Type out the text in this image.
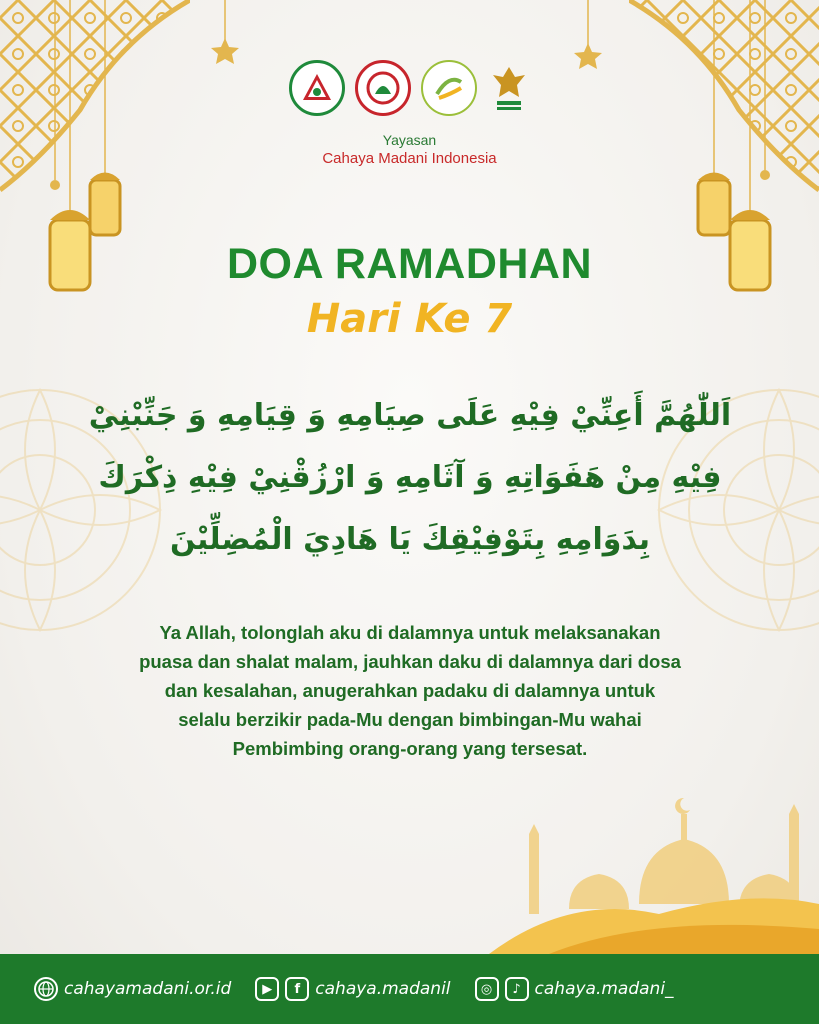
Yayasan
Cahaya Madani Indonesia
DOA RAMADHAN
Hari Ke 7
اَللّٰهُمَّ أَعِنِّيْ فِيْهِ عَلَى صِيَامِهِ وَ قِيَامِهِ وَ جَنِّبْنِيْ
فِيْهِ مِنْ هَفَوَاتِهِ وَ آثَامِهِ وَ ارْزُقْنِيْ فِيْهِ ذِكْرَكَ
بِدَوَامِهِ بِتَوْفِيْقِكَ يَا هَادِيَ الْمُضِلِّيْنَ
Ya Allah, tolonglah aku di dalamnya untuk melaksanakan
puasa dan shalat malam, jauhkan daku di dalamnya dari dosa
dan kesalahan, anugerahkan padaku di dalamnya untuk
selalu berzikir pada-Mu dengan bimbingan-Mu wahai
Pembimbing orang-orang yang tersesat.
cahayamadani.or.id	▶	f cahaya.madanil	◎	♪ cahaya.madani_
